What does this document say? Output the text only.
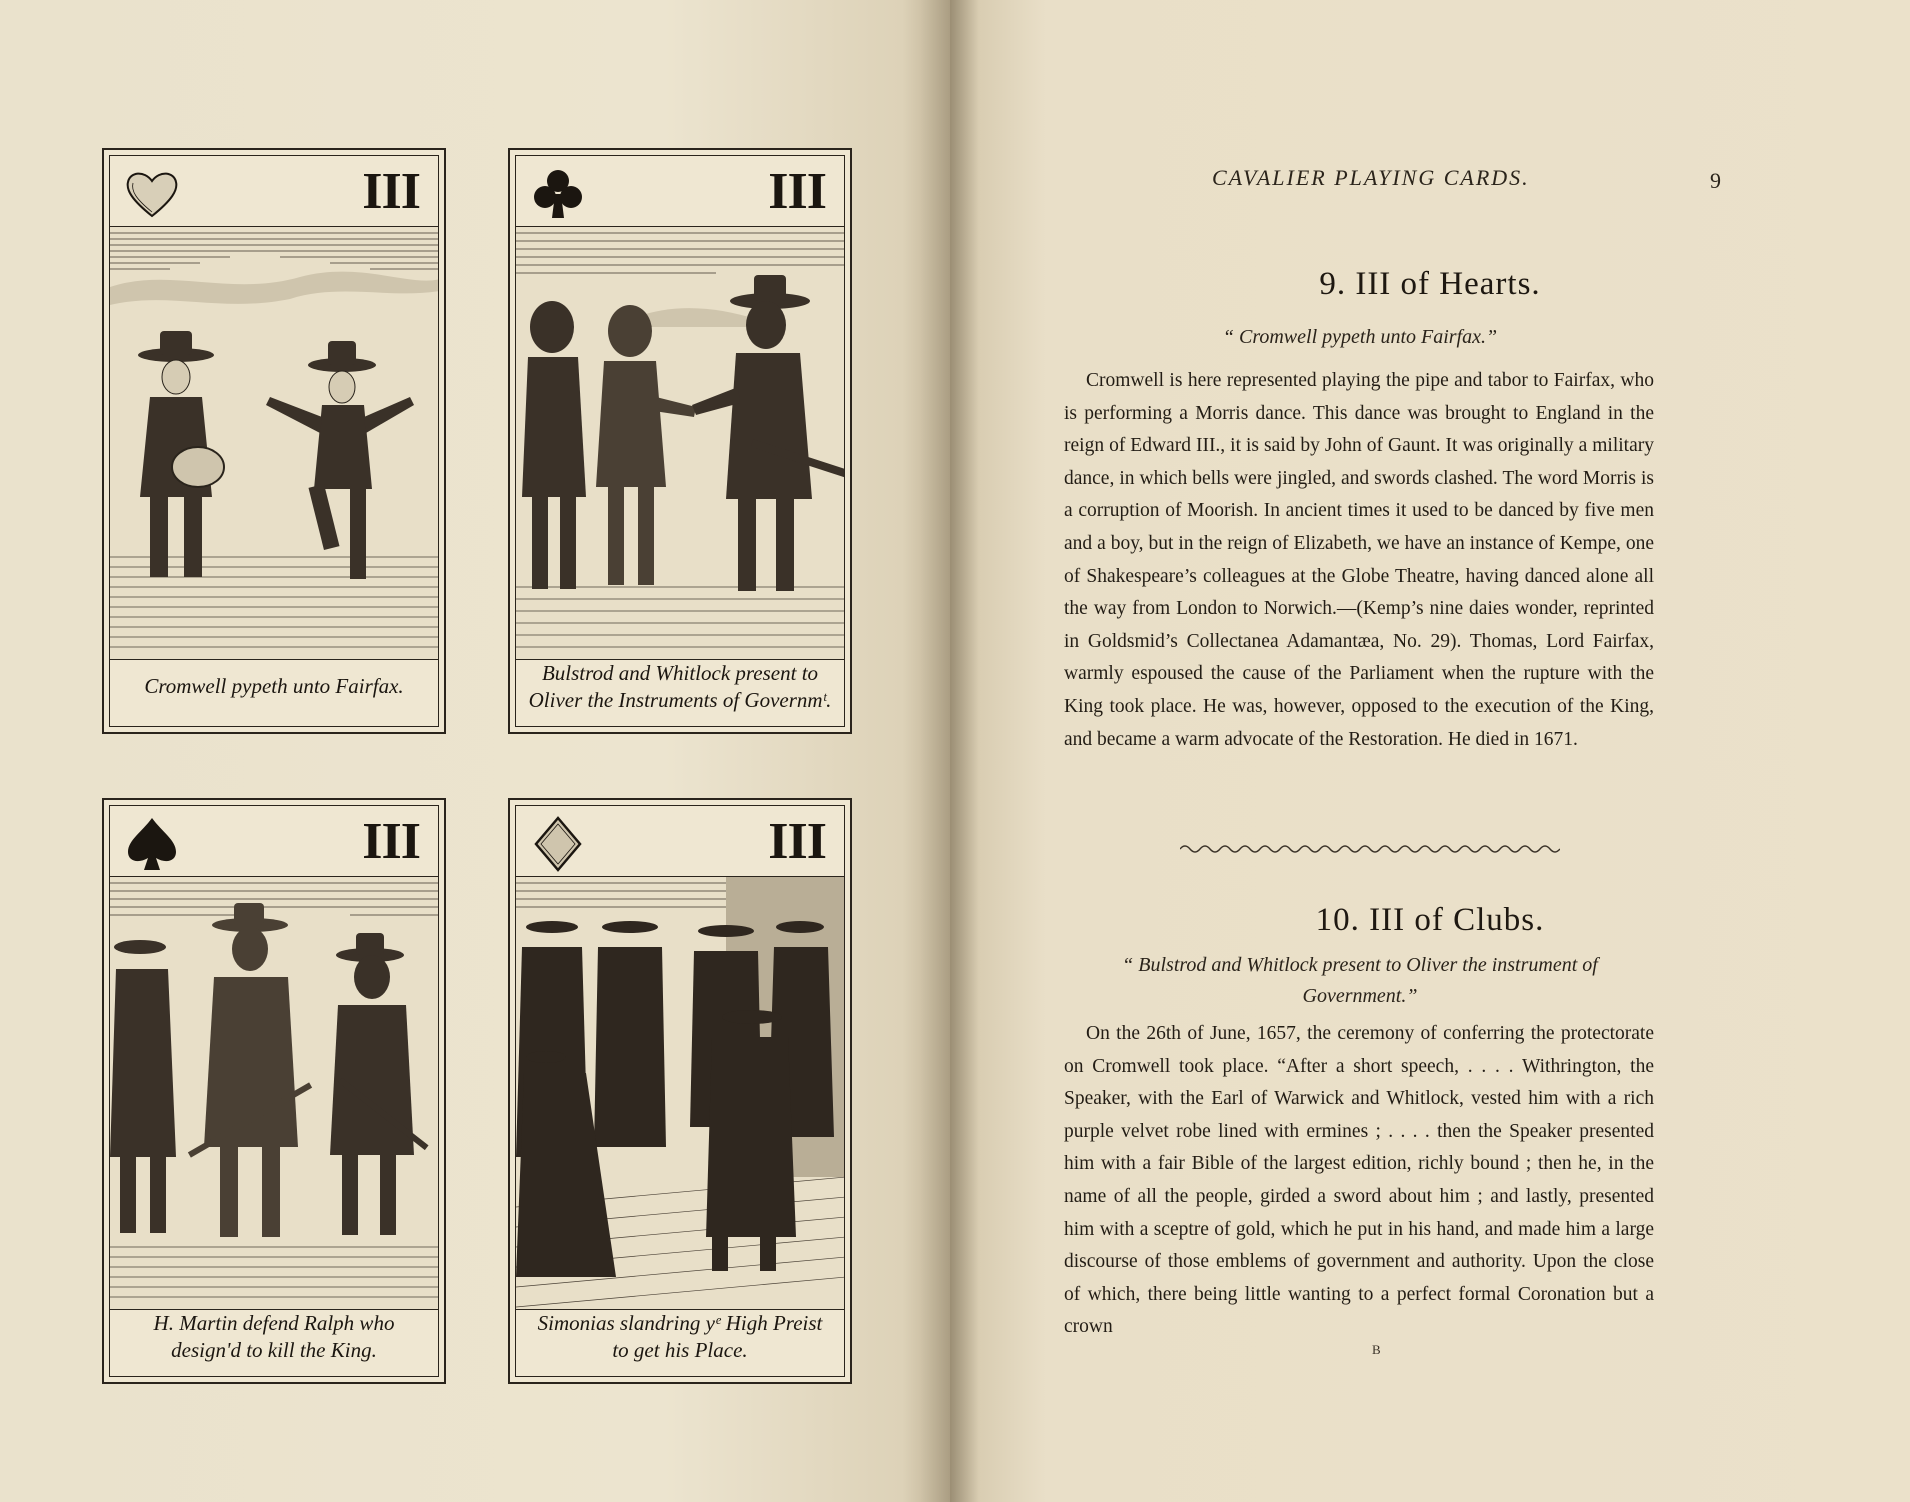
III
Cromwell pypeth unto Fairfax.
III
Bulstrod and Whitlock present to
Oliver the Instruments of Governmᵗ.
III
H. Martin defend Ralph who
design'd to kill the King.
III
Simonias slandring yᵉ High Preist
to get his Place.
CAVALIER PLAYING CARDS.	9
9. III of Hearts.
“ Cromwell pypeth unto Fairfax.”

Cromwell is here represented playing the pipe and tabor to Fairfax, who is performing a Morris dance. This dance was brought to England in the reign of Edward III., it is said by John of Gaunt. It was originally a military dance, in which bells were jingled, and swords clashed. The word Morris is a corruption of Moorish. In ancient times it used to be danced by five men and a boy, but in the reign of Elizabeth, we have an instance of Kempe, one of Shakespeare’s colleagues at the Globe Theatre, having danced alone all the way from London to Norwich.—(Kemp’s nine daies wonder, reprinted in Goldsmid’s Collectanea Adamantæa, No. 29). Thomas, Lord Fairfax, warmly espoused the cause of the Parliament when the rupture with the King took place. He was, however, opposed to the execution of the King, and became a warm advocate of the Restoration. He died in 1671.

10. III of Clubs.
“ Bulstrod and Whitlock present to Oliver the instrument of Government.”

On the 26th of June, 1657, the ceremony of conferring the protectorate on Cromwell took place. “After a short speech, . . . . Withrington, the Speaker, with the Earl of Warwick and Whitlock, vested him with a rich purple velvet robe lined with ermines ; . . . . then the Speaker presented him with a fair Bible of the largest edition, richly bound ; then he, in the name of all the people, girded a sword about him ; and lastly, presented him with a sceptre of gold, which he put in his hand, and made him a large discourse of those emblems of government and authority. Upon the close of which, there being little wanting to a perfect formal Coronation but a crown

B
